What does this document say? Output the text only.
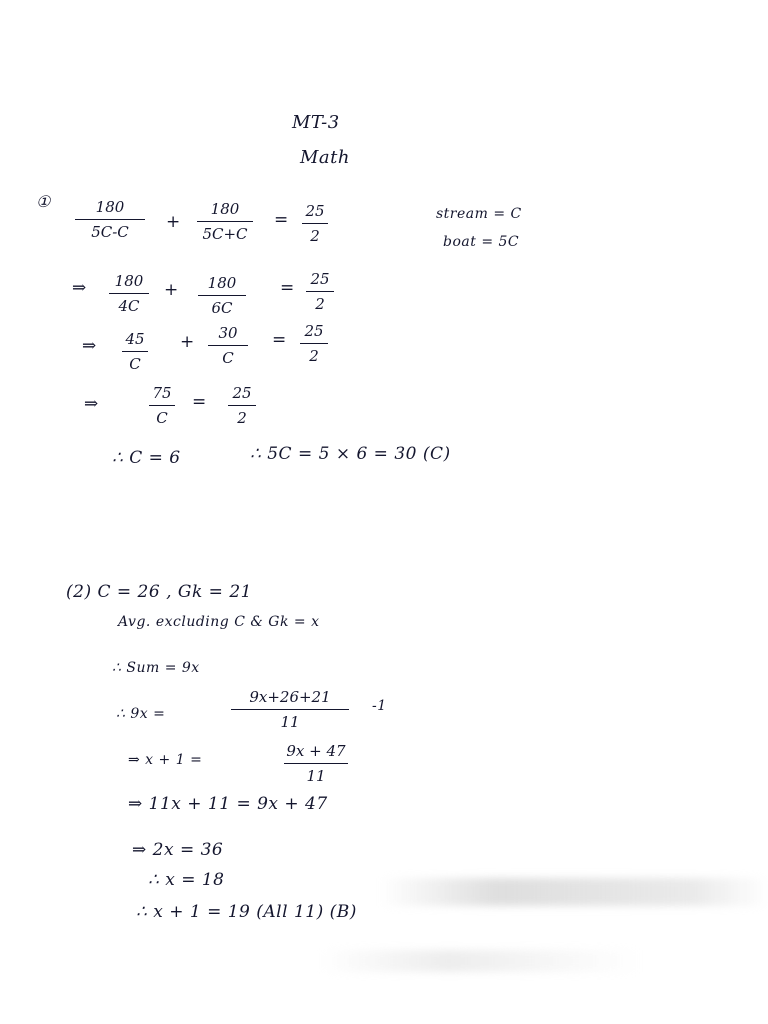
MT-3
Math
①	180
5C-C
+
180
5C+C
= 25
2
stream = C
boat = 5C
⇒ 180
4C
+ 180
6C
= 25
2
⇒ 45
C
+ 30
C
= 25
2
⇒
75
C
= 25
2
∴ C = 6	∴ 5C = 5 × 6 = 30 (C)
(2) C = 26 , Gk = 21
Avg. excluding C & Gk = x
∴ Sum = 9x
∴ 9x =
9x+26+21
11
-1
⇒ x + 1 =	9x + 47
11
⇒ 11x + 11 = 9x + 47
⇒ 2x = 36
∴ x = 18
∴ x + 1 = 19 (All 11) (B)
